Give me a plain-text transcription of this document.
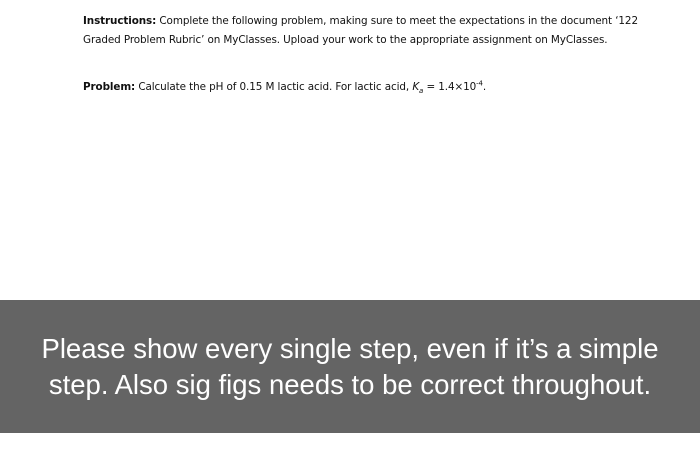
Instructions: Complete the following problem, making sure to meet the expectations in the document ‘122 Graded Problem Rubric’ on MyClasses. Upload your work to the appropriate assignment on MyClasses.

Problem: Calculate the pH of 0.15 M lactic acid. For lactic acid, $K_a = 1.4\times 10^{-4}$.

Please show every single step, even if it’s a simple step. Also sig figs needs to be correct throughout.
